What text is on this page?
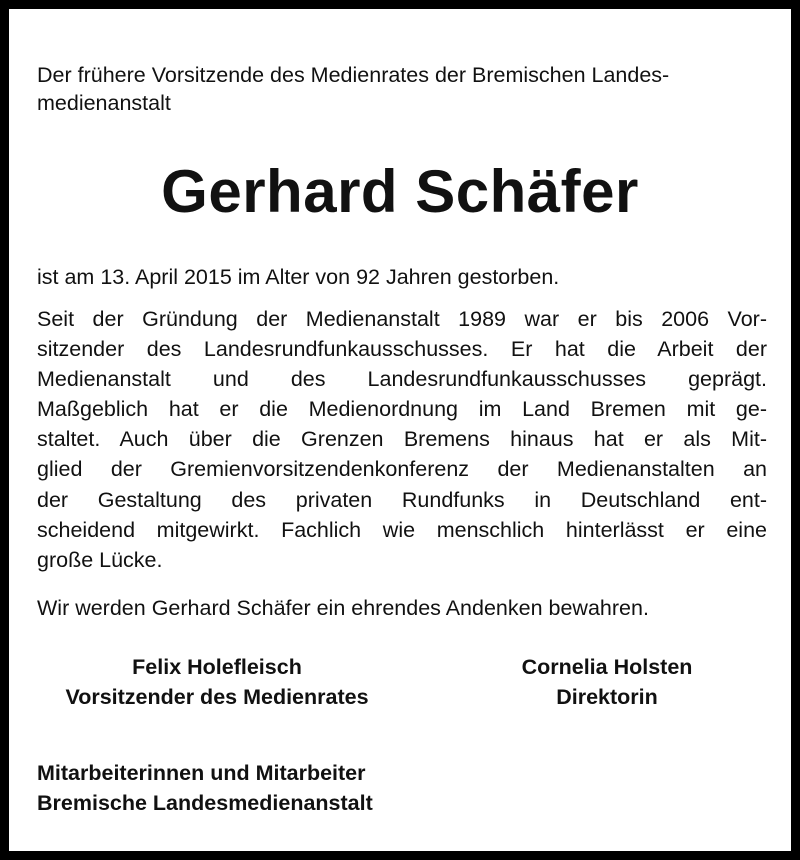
Der frühere Vorsitzende des Medienrates der Bremischen Landes-
medienanstalt

Gerhard Schäfer

ist am 13. April 2015 im Alter von 92 Jahren gestorben.

Seit der Gründung der Medienanstalt 1989 war er bis 2006 Vor-
sitzender des Landesrundfunkausschusses. Er hat die Arbeit der
Medienanstalt und des Landesrundfunkausschusses geprägt.
Maßgeblich hat er die Medienordnung im Land Bremen mit ge-
staltet. Auch über die Grenzen Bremens hinaus hat er als Mit-
glied der Gremienvorsitzendenkonferenz der Medienanstalten an
der Gestaltung des privaten Rundfunks in Deutschland ent-
scheidend mitgewirkt. Fachlich wie menschlich hinterlässt er eine
große Lücke.

Wir werden Gerhard Schäfer ein ehrendes Andenken bewahren.

Felix Holefleisch
Vorsitzender des Medienrates
Cornelia Holsten
Direktorin
Mitarbeiterinnen und Mitarbeiter
Bremische Landesmedienanstalt
